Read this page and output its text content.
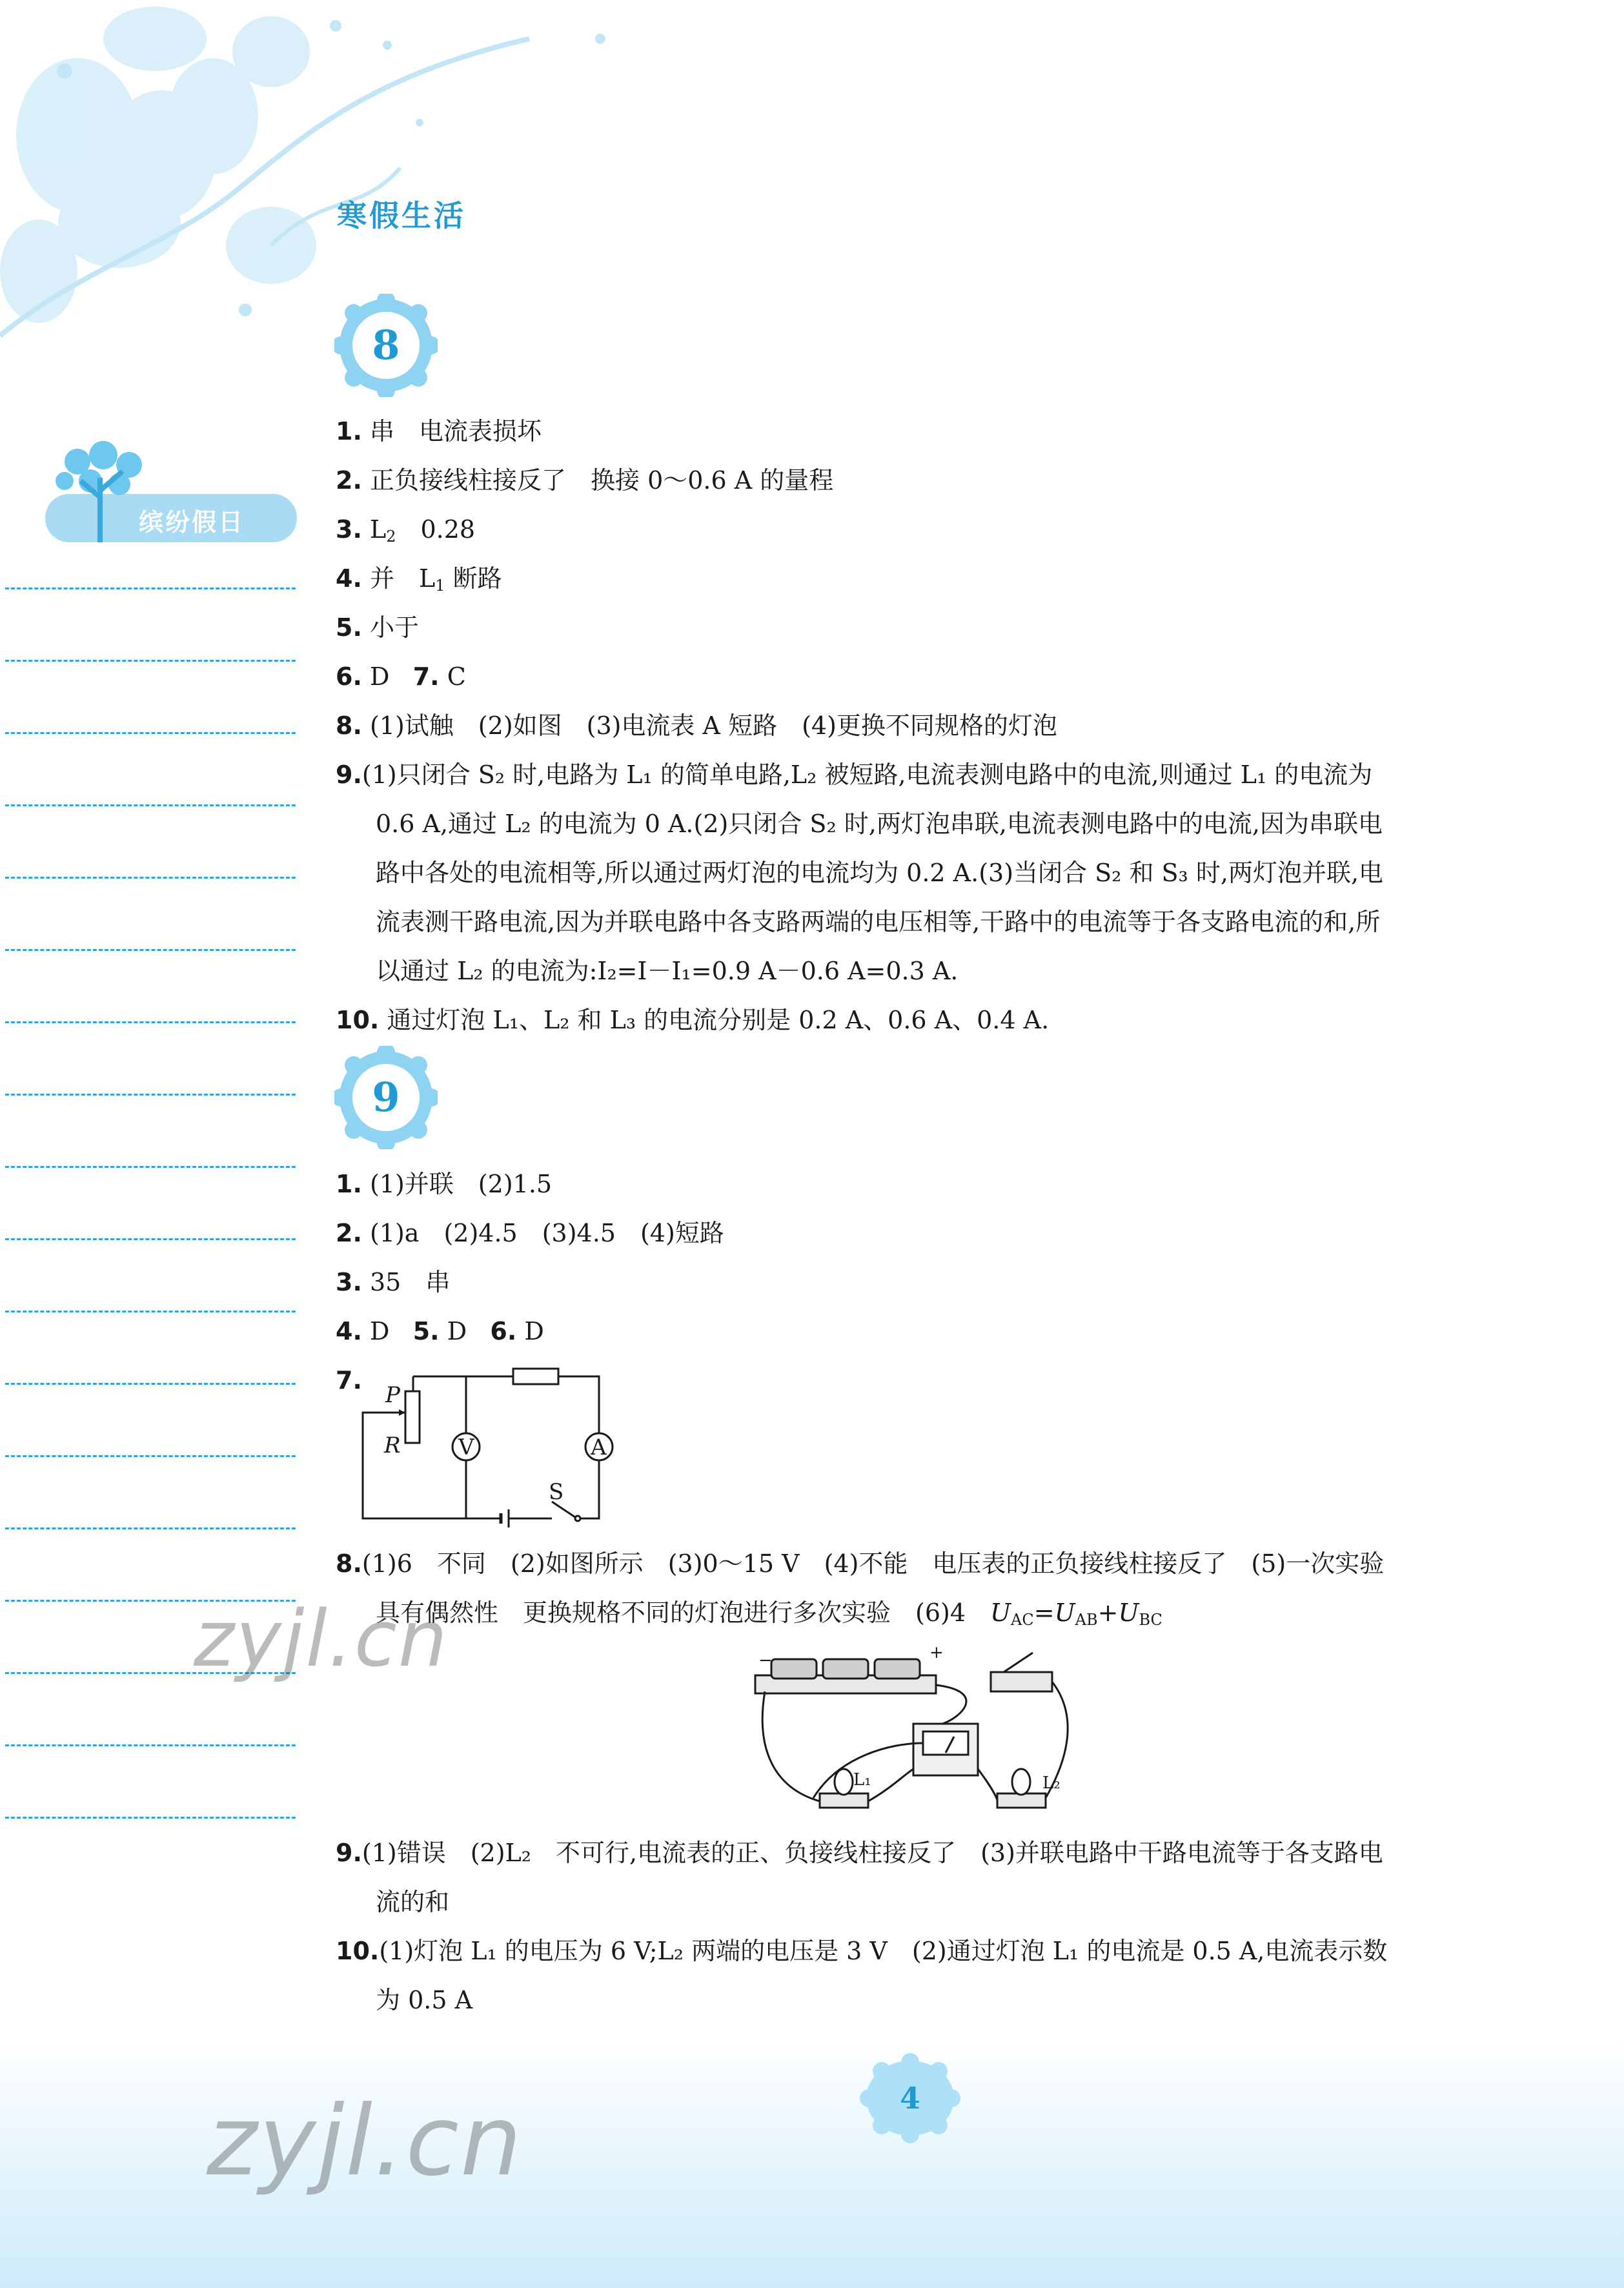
寒假生活
缤纷假日
8
1. 串　电流表损坏
2. 正负接线柱接反了　换接 0～0.6 A 的量程
3. $L_2$　0.28
4. 并　$L_1$ 断路
5. 小于
6. D 7. C
8. (1)试触　(2)如图　(3)电流表 A 短路　(4)更换不同规格的灯泡
9.(1)只闭合 S₂ 时,电路为 L₁ 的简单电路,L₂ 被短路,电流表测电路中的电流,则通过 L₁ 的电流为
0.6 A,通过 L₂ 的电流为 0 A.(2)只闭合 S₂ 时,两灯泡串联,电流表测电路中的电流,因为串联电
路中各处的电流相等,所以通过两灯泡的电流均为 0.2 A.(3)当闭合 S₂ 和 S₃ 时,两灯泡并联,电
流表测干路电流,因为并联电路中各支路两端的电压相等,干路中的电流等于各支路电流的和,所
以通过 L₂ 的电流为:I₂=I－I₁=0.9 A－0.6 A=0.3 A.
10. 通过灯泡 L₁、L₂ 和 L₃ 的电流分别是 0.2 A、0.6 A、0.4 A.
9
1. (1)并联　(2)1.5
2. (1)a　(2)4.5　(3)4.5　(4)短路
3. 35　串
4. D 5. D 6. D
7.
P
R	V	A
S
8.(1)6　不同　(2)如图所示　(3)0～15 V　(4)不能　电压表的正负接线柱接反了　(5)一次实验
具有偶然性　更换规格不同的灯泡进行多次实验　(6)4　$U_{AC}=U_{AB}+U_{BC}$
L₁	L₂
−	+
9.(1)错误　(2)L₂　不可行,电流表的正、负接线柱接反了　(3)并联电路中干路电流等于各支路电
流的和
10.(1)灯泡 L₁ 的电压为 6 V;L₂ 两端的电压是 3 V　(2)通过灯泡 L₁ 的电流是 0.5 A,电流表示数
为 0.5 A
zyjl.cn
zyjl.cn	4
